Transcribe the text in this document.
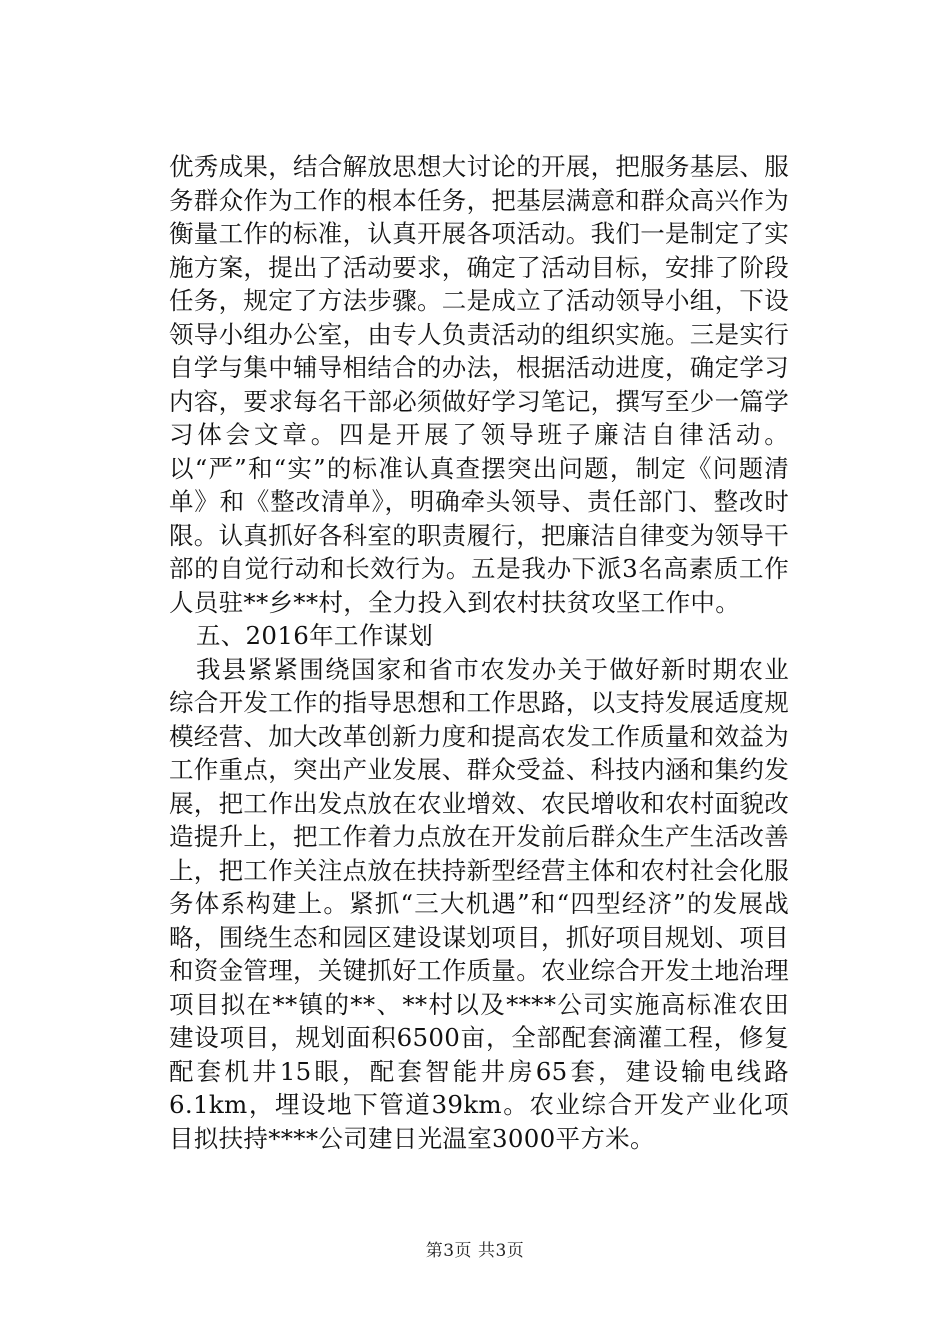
优秀成果，结合解放思想大讨论的开展，把服务基层、服务群众作为工作的根本任务，把基层满意和群众高兴作为衡量工作的标准，认真开展各项活动。我们一是制定了实施方案，提出了活动要求，确定了活动目标，安排了阶段任务，规定了方法步骤。二是成立了活动领导小组，下设领导小组办公室，由专人负责活动的组织实施。三是实行自学与集中辅导相结合的办法，根据活动进度，确定学习内容，要求每名干部必须做好学习笔记，撰写至少一篇学习体会文章。四是开展了领导班子廉洁自律活动。以“严”和“实”的标准认真查摆突出问题，制定《问题清单》和《整改清单》，明确牵头领导、责任部门、整改时限。认真抓好各科室的职责履行，把廉洁自律变为领导干部的自觉行动和长效行为。五是我办下派3名高素质工作人员驻**乡**村，全力投入到农村扶贫攻坚工作中。

五、2016年工作谋划

我县紧紧围绕国家和省市农发办关于做好新时期农业综合开发工作的指导思想和工作思路，以支持发展适度规模经营、加大改革创新力度和提高农发工作质量和效益为工作重点，突出产业发展、群众受益、科技内涵和集约发展，把工作出发点放在农业增效、农民增收和农村面貌改造提升上，把工作着力点放在开发前后群众生产生活改善上，把工作关注点放在扶持新型经营主体和农村社会化服务体系构建上。紧抓“三大机遇”和“四型经济”的发展战略，围绕生态和园区建设谋划项目，抓好项目规划、项目和资金管理，关键抓好工作质量。农业综合开发土地治理项目拟在**镇的**、**村以及****公司实施高标准农田建设项目，规划面积6500亩，全部配套滴灌工程，修复配套机井15眼，配套智能井房65套，建设输电线路6.1km，埋设地下管道39km。农业综合开发产业化项目拟扶持****公司建日光温室3000平方米。

第3页 共3页
